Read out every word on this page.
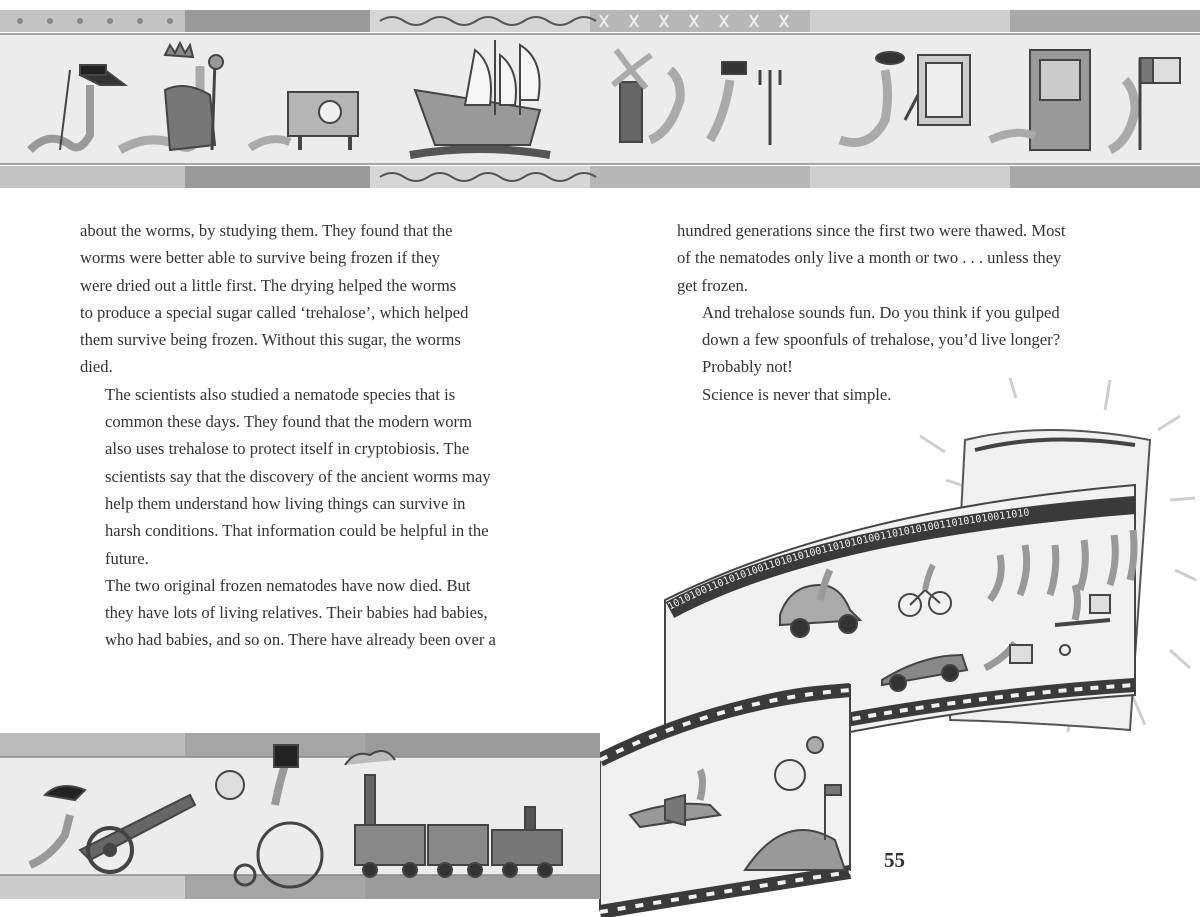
10101001101010100110101010011010101001101010100110101010011010

about the worms, by studying them. They found that the
worms were better able to survive being frozen if they
were dried out a little first. The drying helped the worms
to produce a special sugar called ‘trehalose’, which helped
them survive being frozen. Without this sugar, the worms
died.

The scientists also studied a nematode species that is
common these days. They found that the modern worm
also uses trehalose to protect itself in cryptobiosis. The
scientists say that the discovery of the ancient worms may
help them understand how living things can survive in
harsh conditions. That information could be helpful in the
future.

The two original frozen nematodes have now died. But
they have lots of living relatives. Their babies had babies,
who had babies, and so on. There have already been over a

hundred generations since the first two were thawed. Most
of the nematodes only live a month or two . . . unless they
get frozen.

And trehalose sounds fun. Do you think if you gulped
down a few spoonfuls of trehalose, you’d live longer?

Probably not!

Science is never that simple.

55
